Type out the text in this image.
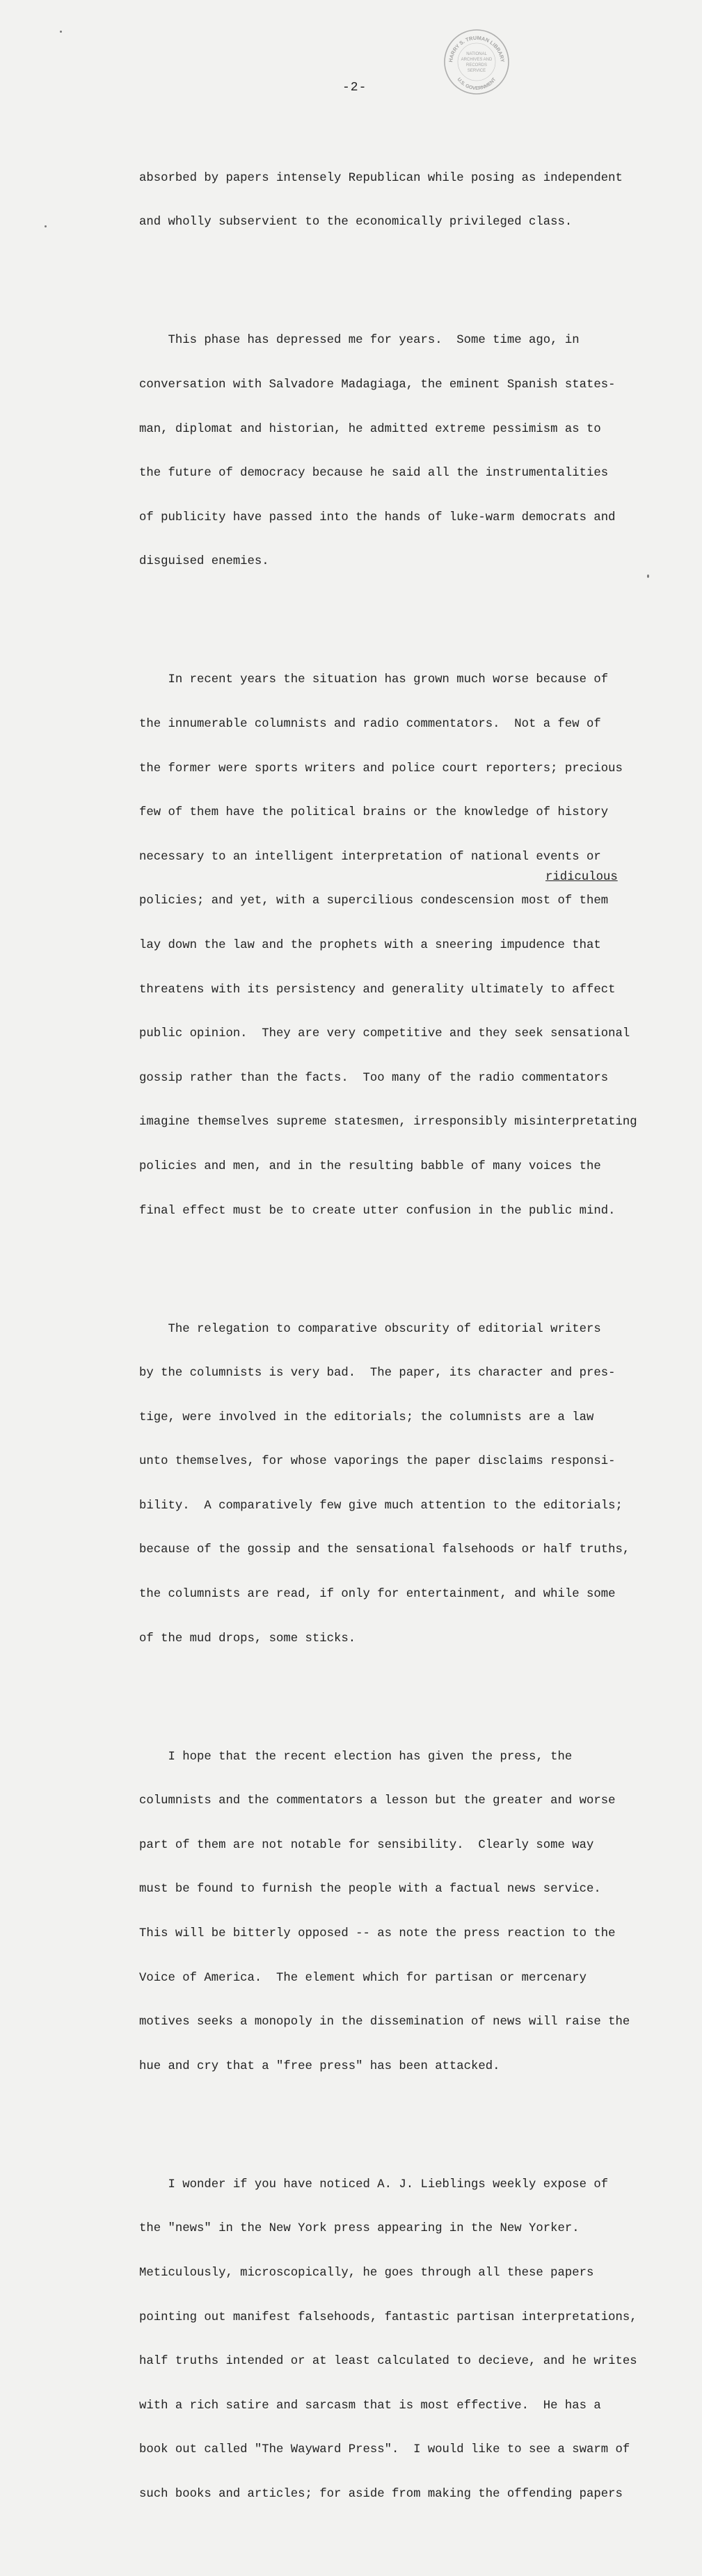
HARRY S. TRUMAN LIBRARY
U.S. GOVERNMENT
NATIONAL
ARCHIVES AND
RECORDS
SERVICE
-2-

absorbed by papers intensely Republican while posing as independent

and wholly subservient to the economically privileged class.

This phase has depressed me for years.  Some time ago, in

conversation with Salvadore Madagiaga, the eminent Spanish states-

man, diplomat and historian, he admitted extreme pessimism as to

the future of democracy because he said all the instrumentalities

of publicity have passed into the hands of luke-warm democrats and

disguised enemies.

In recent years the situation has grown much worse because of

the innumerable columnists and radio commentators.  Not a few of

the former were sports writers and police court reporters; precious

few of them have the political brains or the knowledge of history

necessary to an intelligent interpretation of national events or

policies; and yet, with a supercilious condescension most of them

lay down the law and the prophets with a sneering impudence that

threatens with its persistency and generality ultimately to affect

public opinion.  They are very competitive and they seek sensational

gossip rather than the facts.  Too many of the radio commentators

imagine themselves supreme statesmen, irresponsibly misinterpretating

policies and men, and in the resulting babble of many voices the

final effect must be to create utter confusion in the public mind.

The relegation to comparative obscurity of editorial writers

by the columnists is very bad.  The paper, its character and pres-

tige, were involved in the editorials; the columnists are a law

unto themselves, for whose vaporings the paper disclaims responsi-

bility.  A comparatively few give much attention to the editorials;

because of the gossip and the sensational falsehoods or half truths,

the columnists are read, if only for entertainment, and while some

of the mud drops, some sticks.

I hope that the recent election has given the press, the

columnists and the commentators a lesson but the greater and worse

part of them are not notable for sensibility.  Clearly some way

must be found to furnish the people with a factual news service.

This will be bitterly opposed -- as note the press reaction to the

Voice of America.  The element which for partisan or mercenary

motives seeks a monopoly in the dissemination of news will raise the

hue and cry that a "free press" has been attacked.

I wonder if you have noticed A. J. Lieblings weekly expose of

the "news" in the New York press appearing in the New Yorker.

Meticulously, microscopically, he goes through all these papers

pointing out manifest falsehoods, fantastic partisan interpretations,

half truths intended or at least calculated to decieve, and he writes

with a rich satire and sarcasm that is most effective.  He has a

book out called "The Wayward Press".  I would like to see a swarm of

such books and articles; for aside from making the offending papers

ridiculous
